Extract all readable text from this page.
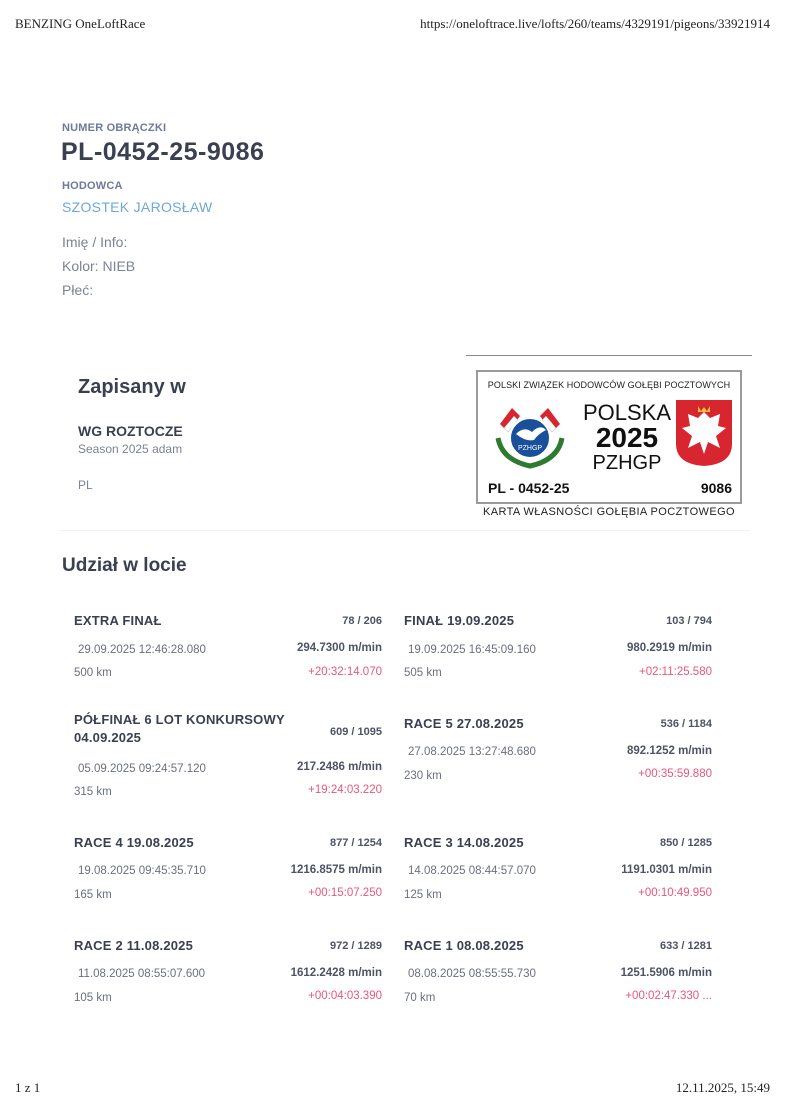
BENZING OneLoftRace	https://oneloftrace.live/lofts/260/teams/4329191/pigeons/33921914
1 z 1	12.11.2025, 15:49
NUMER OBRĄCZKI
PL-0452-25-9086
HODOWCA
SZOSTEK JAROSŁAW
Imię / Info:
Kolor: NIEB
Płeć:
Zapisany w
WG ROZTOCZE
Season 2025 adam
PL
POLSKI ZWIĄZEK HODOWCÓW GOŁĘBI POCZTOWYCH
PZHGP
POLSKA
2025
PZHGP
PL - 0452-25	9086
KARTA WŁASNOŚCI GOŁĘBIA POCZTOWEGO
Udział w locie
EXTRA FINAŁ	78 / 206
29.09.2025 12:46:28.080	294.7300 m/min
500 km	+20:32:14.070
FINAŁ 19.09.2025	103 / 794
19.09.2025 16:45:09.160	980.2919 m/min
505 km	+02:11:25.580
PÓŁFINAŁ 6 LOT KONKURSOWY 04.09.2025	609 / 1095
05.09.2025 09:24:57.120	217.2486 m/min
315 km	+19:24:03.220
RACE 5 27.08.2025	536 / 1184
27.08.2025 13:27:48.680	892.1252 m/min
230 km	+00:35:59.880
RACE 4 19.08.2025	877 / 1254
19.08.2025 09:45:35.710	1216.8575 m/min
165 km	+00:15:07.250
RACE 3 14.08.2025	850 / 1285
14.08.2025 08:44:57.070	1191.0301 m/min
125 km	+00:10:49.950
RACE 2 11.08.2025	972 / 1289
11.08.2025 08:55:07.600	1612.2428 m/min
105 km	+00:04:03.390
RACE 1 08.08.2025	633 / 1281
08.08.2025 08:55:55.730	1251.5906 m/min
70 km	+00:02:47.330 ...
